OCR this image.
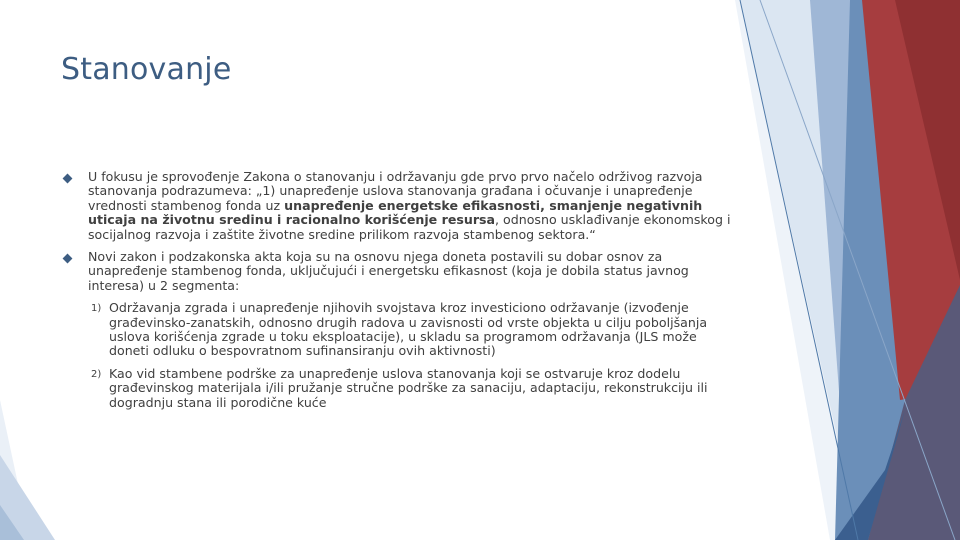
Stanovanje
U fokusu je sprovođenje Zakona o stanovanju i održavanju gde prvo prvo načelo održivog razvoja stanovanja podrazumeva: „1) unapređenje uslova stanovanja građana i očuvanje i unapređenje vrednosti stambenog fonda uz unapređenje energetske efikasnosti, smanjenje negativnih uticaja na životnu sredinu i racionalno korišćenje resursa, odnosno usklađivanje ekonomskog i socijalnog razvoja i zaštite životne sredine prilikom razvoja stambenog sektora.“
Novi zakon i podzakonska akta koja su na osnovu njega doneta postavili su dobar osnov za unapređenje stambenog fonda, uključujući i energetsku efikasnost (koja je dobila status javnog interesa) u 2 segmenta:
1) Održavanja zgrada i unapređenje njihovih svojstava kroz investiciono održavanje (izvođenje građevinsko-zanatskih, odnosno drugih radova u zavisnosti od vrste objekta u cilju poboljšanja uslova korišćenja zgrade u toku eksploatacije), u skladu sa programom održavanja (JLS može doneti odluku o bespovratnom sufinansiranju ovih aktivnosti)
2) Kao vid stambene podrške za unapređenje uslova stanovanja koji se ostvaruje kroz dodelu građevinskog materijala i/ili pružanje stručne podrške za sanaciju, adaptaciju, rekonstrukciju ili dogradnju stana ili porodične kuće
